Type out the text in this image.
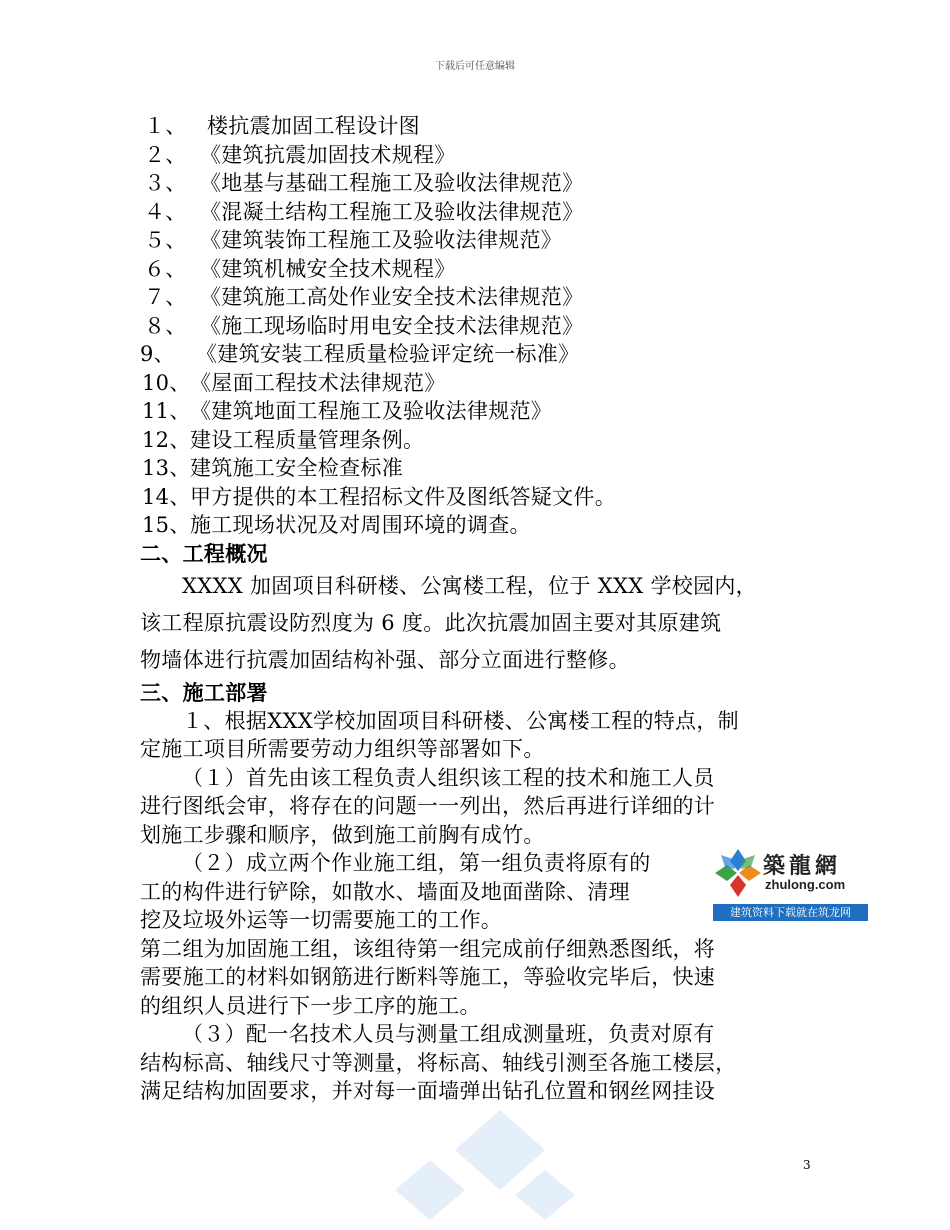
下载后可任意编辑
１、 楼抗震加固工程设计图
２、 《建筑抗震加固技术规程》
３、 《地基与基础工程施工及验收法律规范》
４、 《混凝土结构工程施工及验收法律规范》
５、 《建筑装饰工程施工及验收法律规范》
６、 《建筑机械安全技术规程》
７、 《建筑施工高处作业安全技术法律规范》
８、 《施工现场临时用电安全技术法律规范》
9、 《建筑安装工程质量检验评定统一标准》
10、《屋面工程技术法律规范》
11、《建筑地面工程施工及验收法律规范》
12、建设工程质量管理条例。
13、建筑施工安全检查标准
14、甲方提供的本工程招标文件及图纸答疑文件。
15、施工现场状况及对周围环境的调查。
二、工程概况
XXXX 加固项目科研楼、公寓楼工程，位于 XXX 学校园内，
该工程原抗震设防烈度为 6 度。此次抗震加固主要对其原建筑
物墙体进行抗震加固结构补强、部分立面进行整修。
三、施工部署
１、根据XXX学校加固项目科研楼、公寓楼工程的特点，制
定施工项目所需要劳动力组织等部署如下。
（１）首先由该工程负责人组织该工程的技术和施工人员
进行图纸会审，将存在的问题一一列出，然后再进行详细的计
划施工步骤和顺序，做到施工前胸有成竹。
（２）成立两个作业施工组，第一组负责将原有的
工的构件进行铲除，如散水、墙面及地面凿除、清理
挖及垃圾外运等一切需要施工的工作。
第二组为加固施工组，该组待第一组完成前仔细熟悉图纸，将
需要施工的材料如钢筋进行断料等施工，等验收完毕后，快速
的组织人员进行下一步工序的施工。
（３）配一名技术人员与测量工组成测量班，负责对原有
结构标高、轴线尺寸等测量，将标高、轴线引测至各施工楼层，
满足结构加固要求，并对每一面墙弹出钻孔位置和钢丝网挂设
築龍網
zhulong.com
建筑资料下载就在筑龙网
3
